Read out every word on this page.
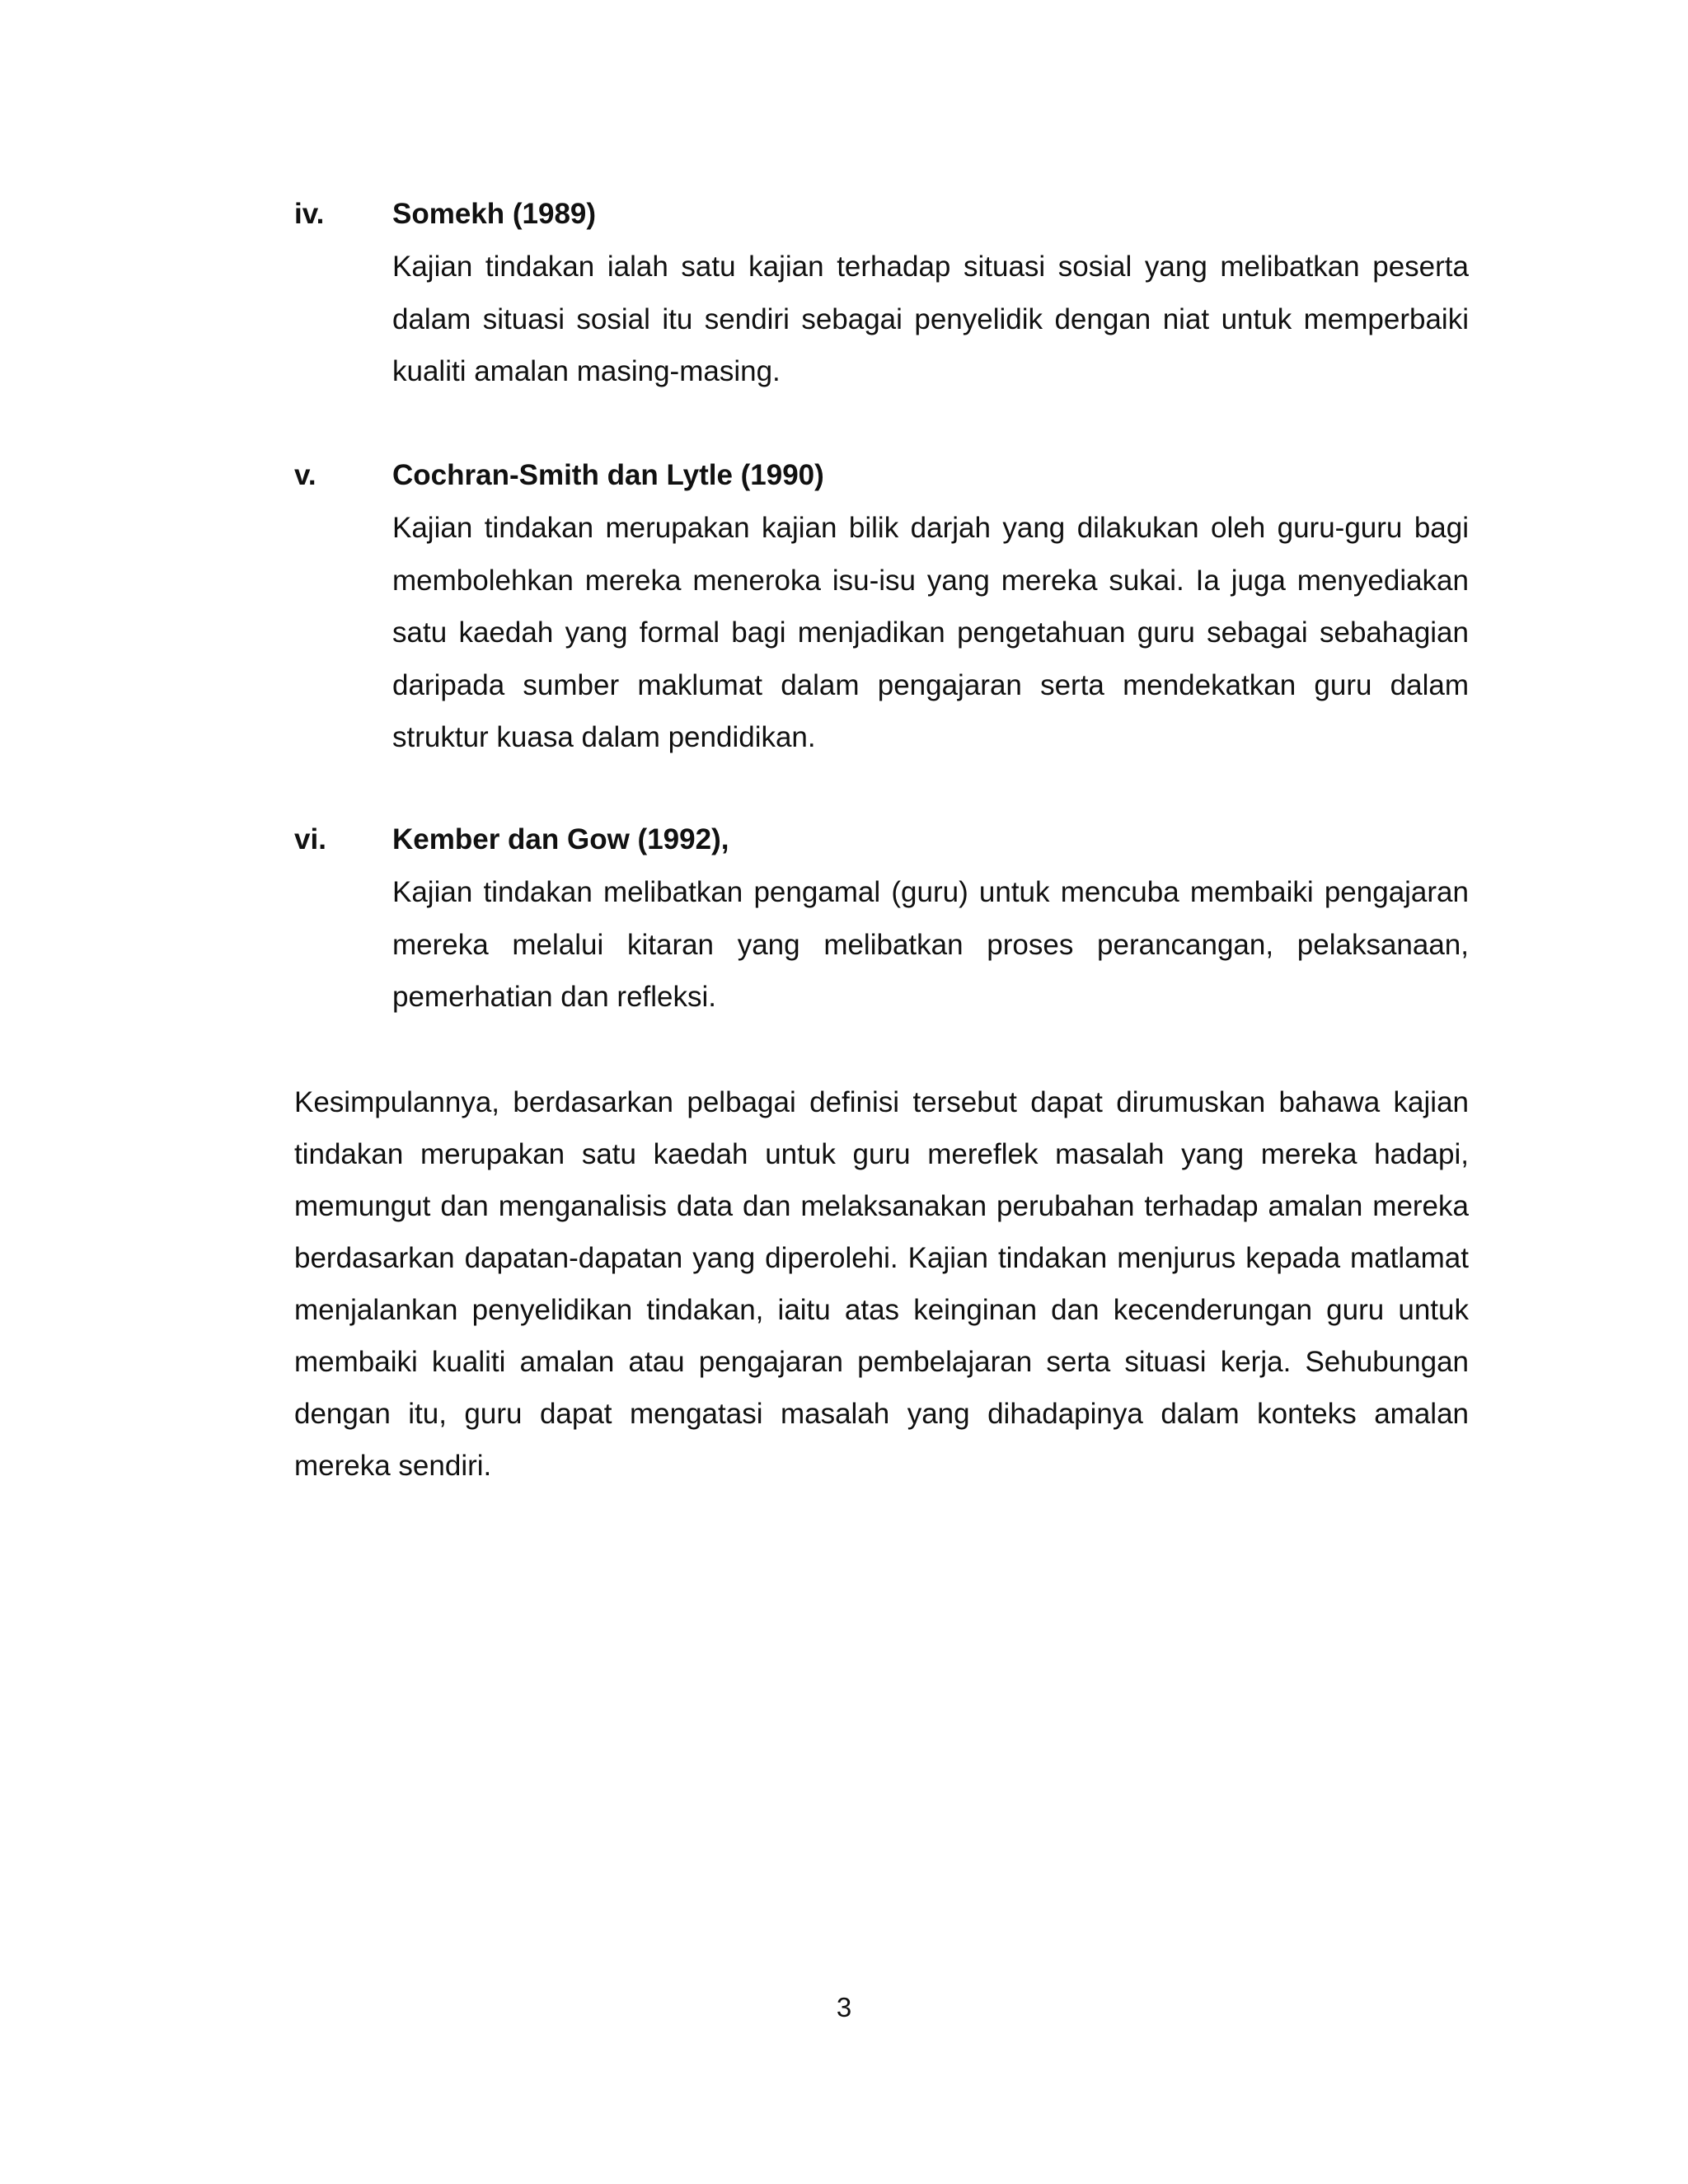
iv. Somekh (1989)
Kajian tindakan ialah satu kajian terhadap situasi sosial yang melibatkan peserta dalam situasi sosial itu sendiri sebagai penyelidik dengan niat untuk memperbaiki kualiti amalan masing-masing.
v.	Cochran-Smith dan Lytle (1990)
Kajian tindakan merupakan kajian bilik darjah yang dilakukan oleh guru-guru bagi membolehkan mereka meneroka isu-isu yang mereka sukai. Ia juga menyediakan satu kaedah yang formal bagi menjadikan pengetahuan guru sebagai sebahagian daripada sumber maklumat dalam pengajaran serta mendekatkan guru dalam struktur kuasa dalam pendidikan.
vi. Kember dan Gow (1992),
Kajian tindakan melibatkan pengamal (guru) untuk mencuba membaiki pengajaran mereka melalui kitaran yang melibatkan proses perancangan, pelaksanaan, pemerhatian dan refleksi.
Kesimpulannya, berdasarkan pelbagai definisi tersebut dapat dirumuskan bahawa kajian tindakan merupakan satu kaedah untuk guru mereflek masalah yang mereka hadapi, memungut dan menganalisis data dan melaksanakan perubahan terhadap amalan mereka berdasarkan dapatan-dapatan yang diperolehi. Kajian tindakan menjurus kepada matlamat menjalankan penyelidikan tindakan, iaitu atas keinginan dan kecenderungan guru untuk membaiki kualiti amalan atau pengajaran pembelajaran serta situasi kerja. Sehubungan dengan itu, guru dapat mengatasi masalah yang dihadapinya dalam konteks amalan mereka sendiri.
3
